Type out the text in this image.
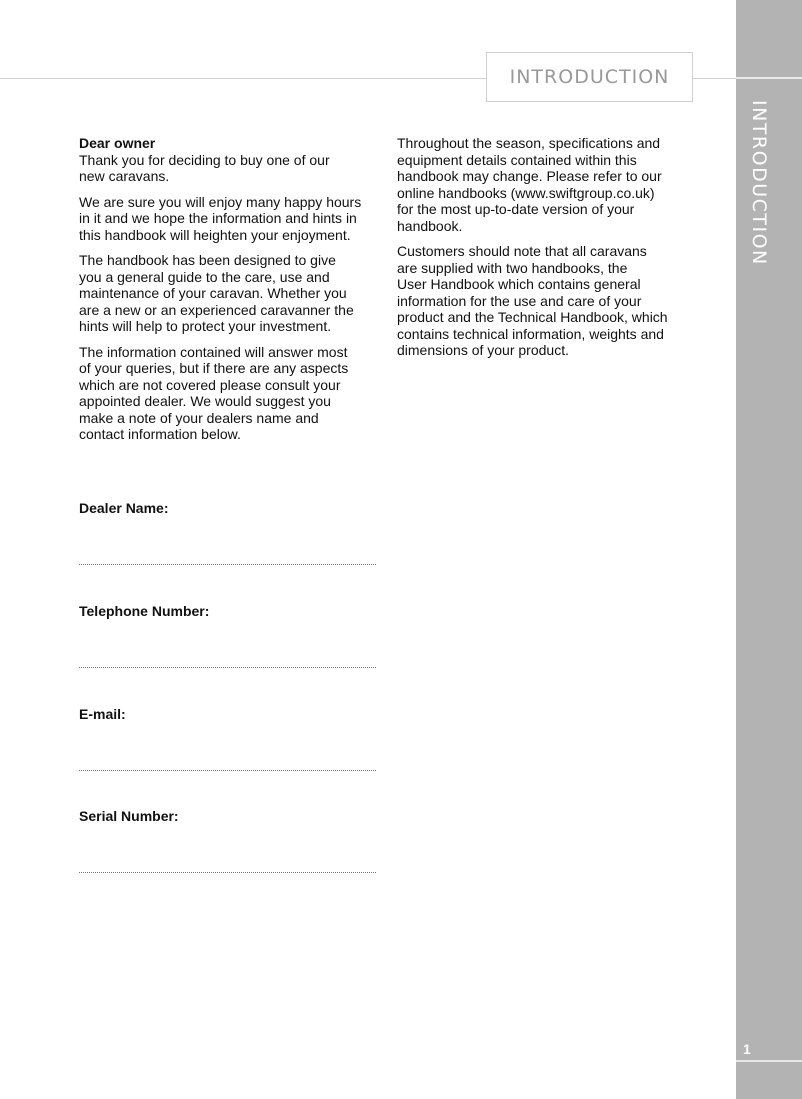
INTRODUCTION
INTRODUCTION
1

Dear owner
Thank you for deciding to buy one of our
new caravans.

We are sure you will enjoy many happy hours
in it and we hope the information and hints in
this handbook will heighten your enjoyment.

The handbook has been designed to give
you a general guide to the care, use and
maintenance of your caravan. Whether you
are a new or an experienced caravanner the
hints will help to protect your investment.

The information contained will answer most
of your queries, but if there are any aspects
which are not covered please consult your
appointed dealer. We would suggest you
make a note of your dealers name and
contact information below.

Throughout the season, specifications and
equipment details contained within this
handbook may change. Please refer to our
online handbooks (www.swiftgroup.co.uk)
for the most up-to-date version of your
handbook.

Customers should note that all caravans
are supplied with two handbooks, the
User Handbook which contains general
information for the use and care of your
product and the Technical Handbook, which
contains technical information, weights and
dimensions of your product.

Dealer Name:
Telephone Number:
E-mail:
Serial Number:
